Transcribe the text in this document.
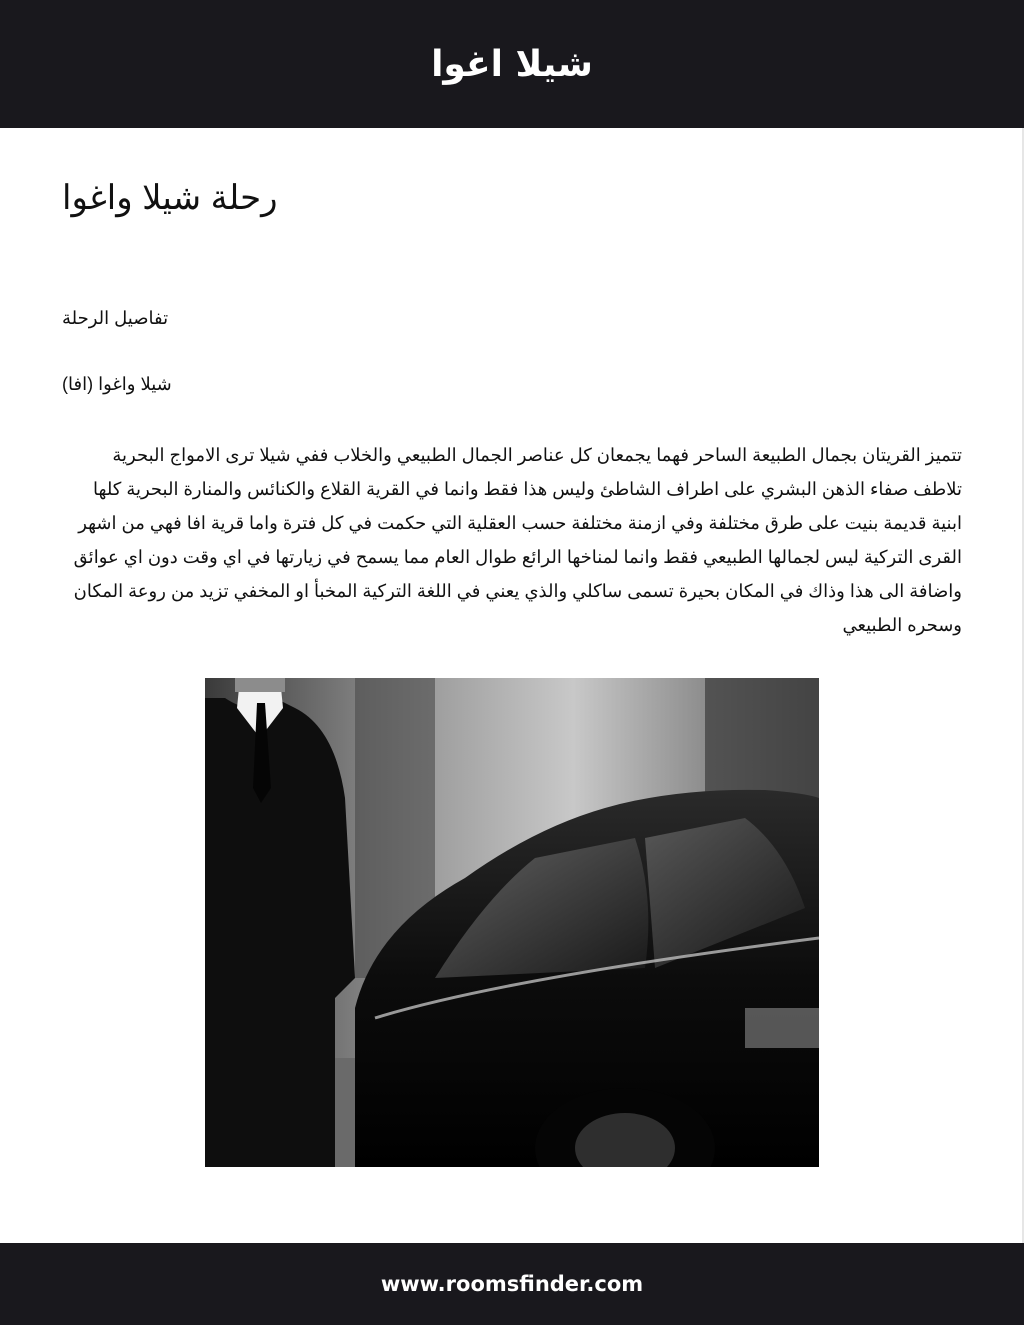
شيلا اغوا
رحلة شيلا واغوا

تفاصيل الرحلة

شيلا واغوا (افا)

تتميز القريتان بجمال الطبيعة الساحر فهما يجمعان كل عناصر الجمال الطبيعي والخلاب ففي شيلا ترى الامواج البحرية تلاطف صفاء الذهن البشري على اطراف الشاطئ وليس هذا فقط وانما في القرية القلاع والكنائس والمنارة البحرية كلها ابنية قديمة بنيت على طرق مختلفة وفي ازمنة مختلفة حسب العقلية التي حكمت في كل فترة واما قرية افا فهي من اشهر القرى التركية ليس لجمالها الطبيعي فقط وانما لمناخها الرائع طوال العام مما يسمح في زيارتها في اي وقت دون اي عوائق واضافة الى هذا وذاك في المكان بحيرة تسمى ساكلي والذي يعني في اللغة التركية المخبأ او المخفي تزيد من روعة المكان وسحره الطبيعي

www.roomsfinder.com
